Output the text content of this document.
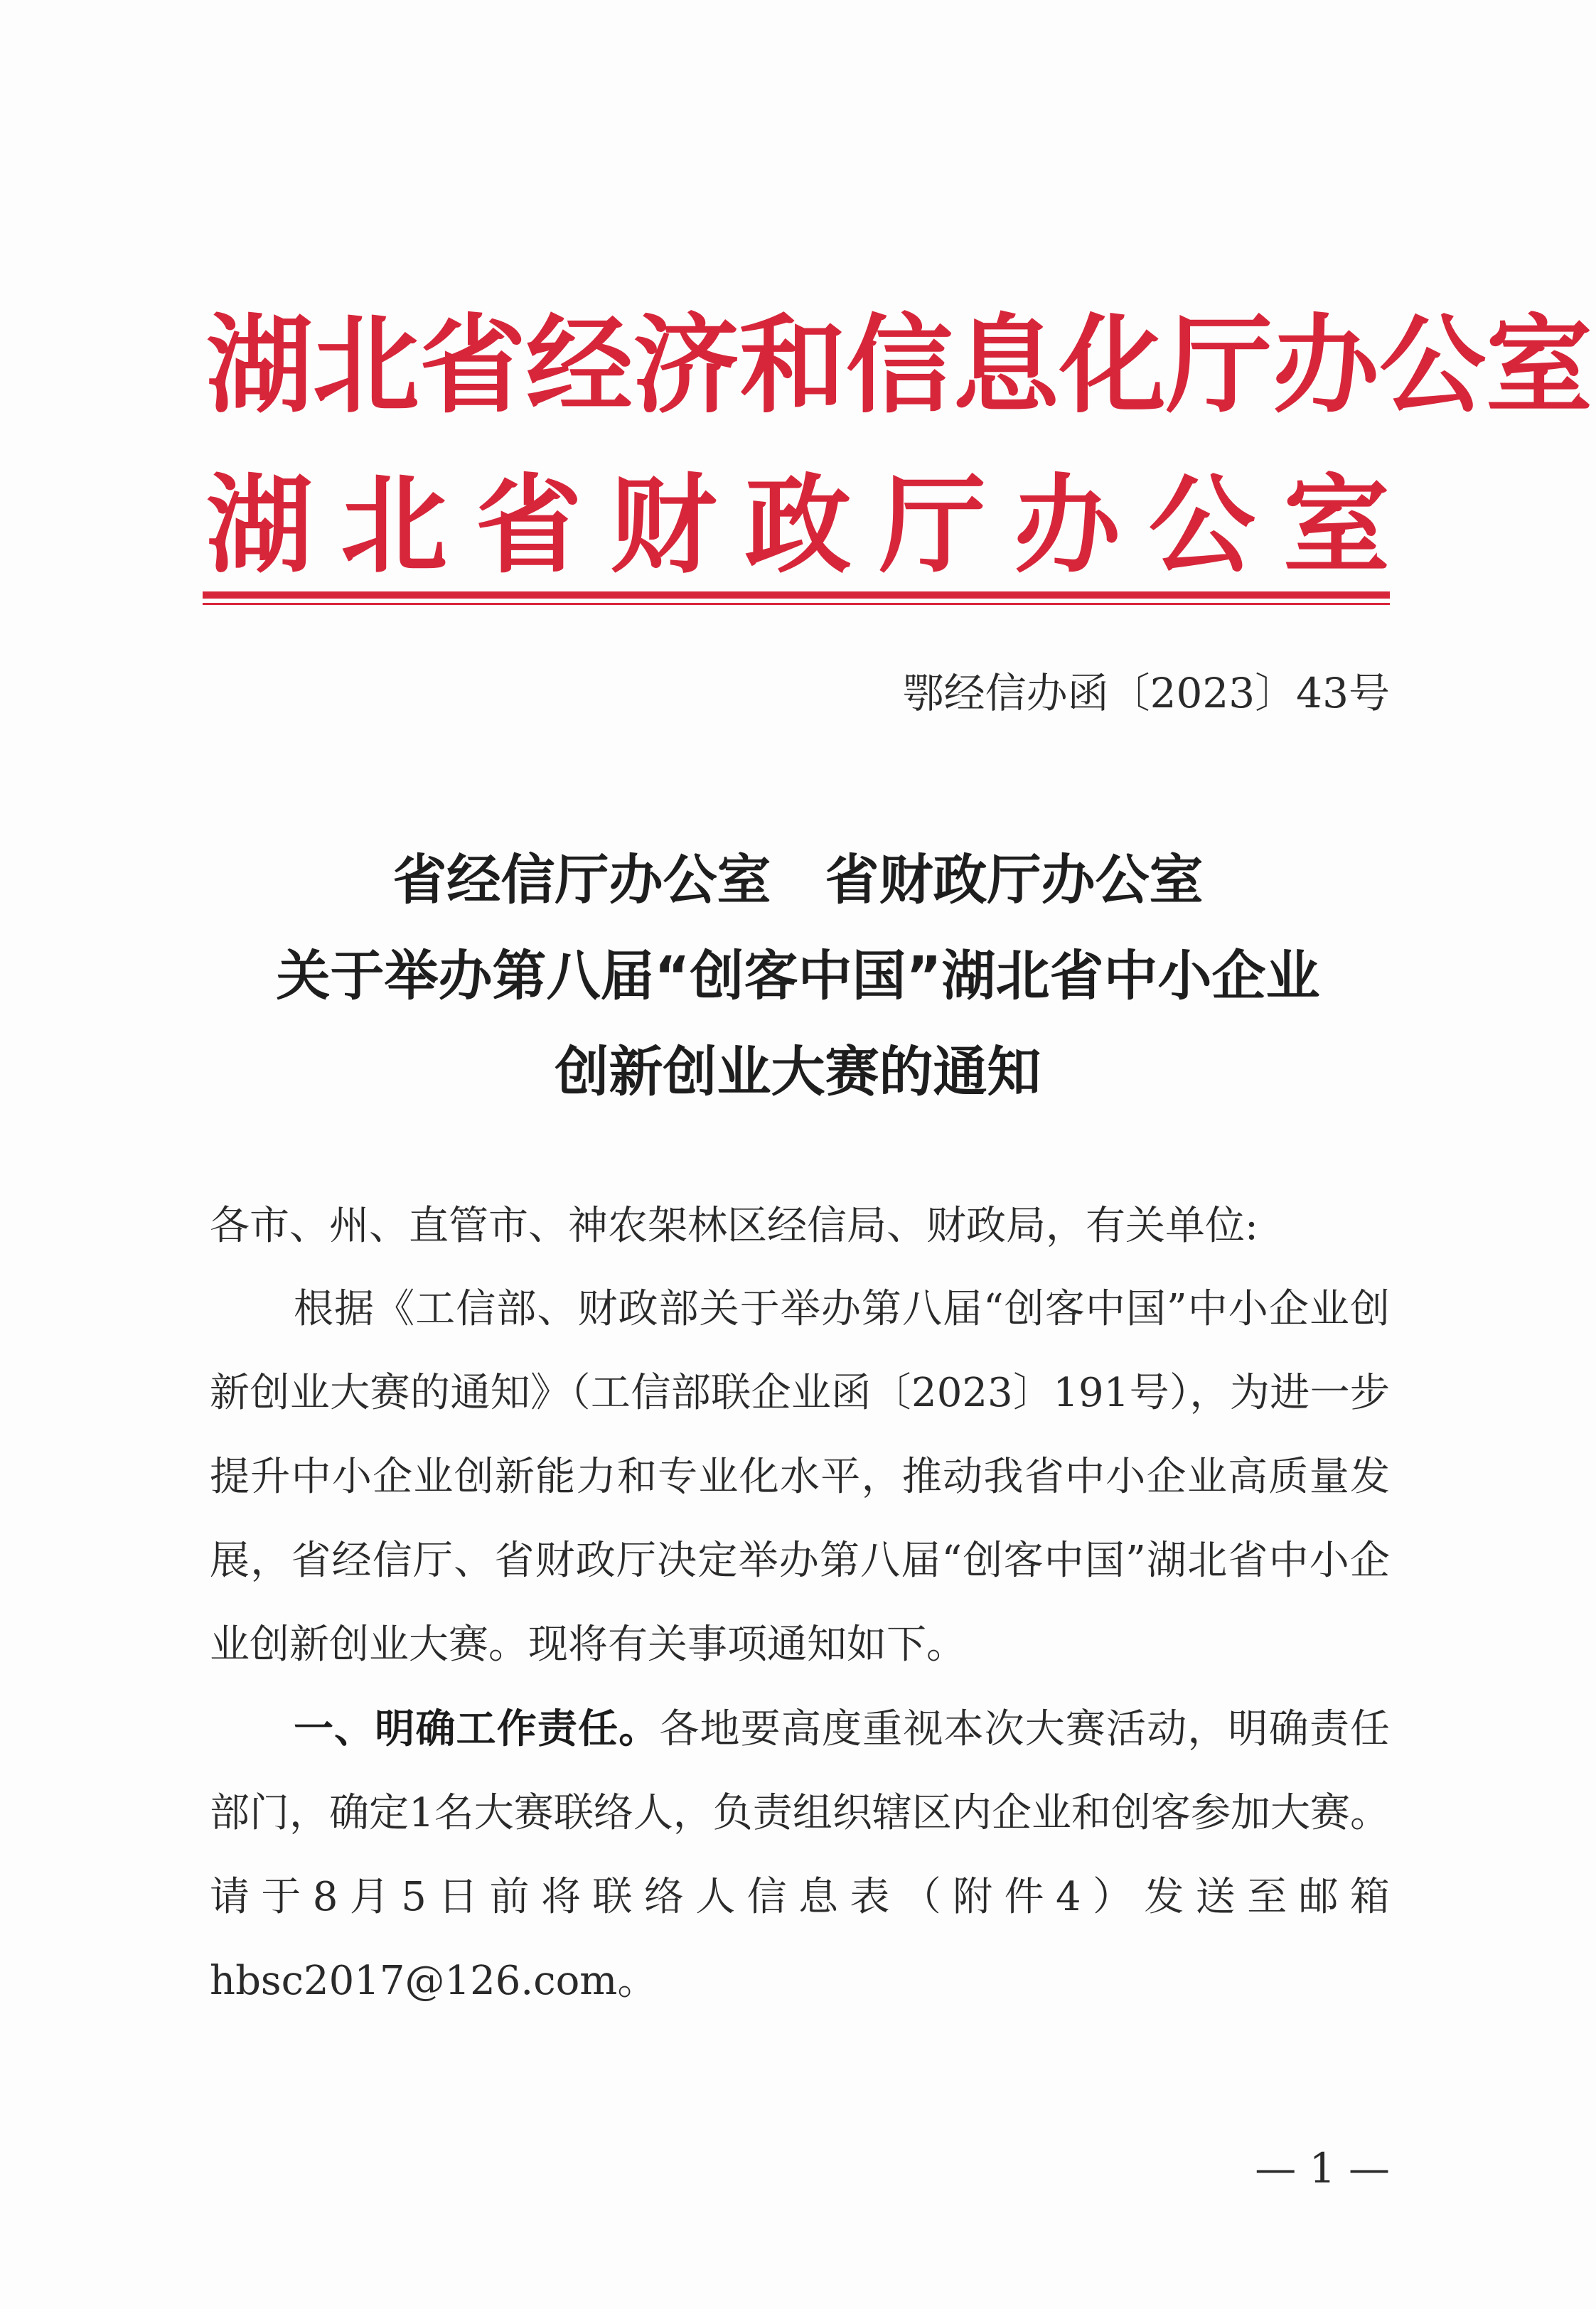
湖北省经济和信息化厅办公室
湖北省财政厅办公室
鄂经信办函〔2023〕43号
省经信厅办公室　省财政厅办公室
关于举办第八届“创客中国”湖北省中小企业
创新创业大赛的通知
各市、州、直管市、神农架林区经信局、财政局，有关单位:
根据《工信部、财政部关于举办第八届“创客中国”中小企业创新创业大赛的通知》（工信部联企业函〔2023〕191号），为进一步提升中小企业创新能力和专业化水平，推动我省中小企业高质量发展，省经信厅、省财政厅决定举办第八届“创客中国”湖北省中小企业创新创业大赛。现将有关事项通知如下。
一、明确工作责任。各地要高度重视本次大赛活动，明确责任部门，确定1名大赛联络人，负责组织辖区内企业和创客参加大赛。请于8月5日前将联络人信息表（附件4）发送至邮箱 hbsc2017@126.com。
— 1 —
